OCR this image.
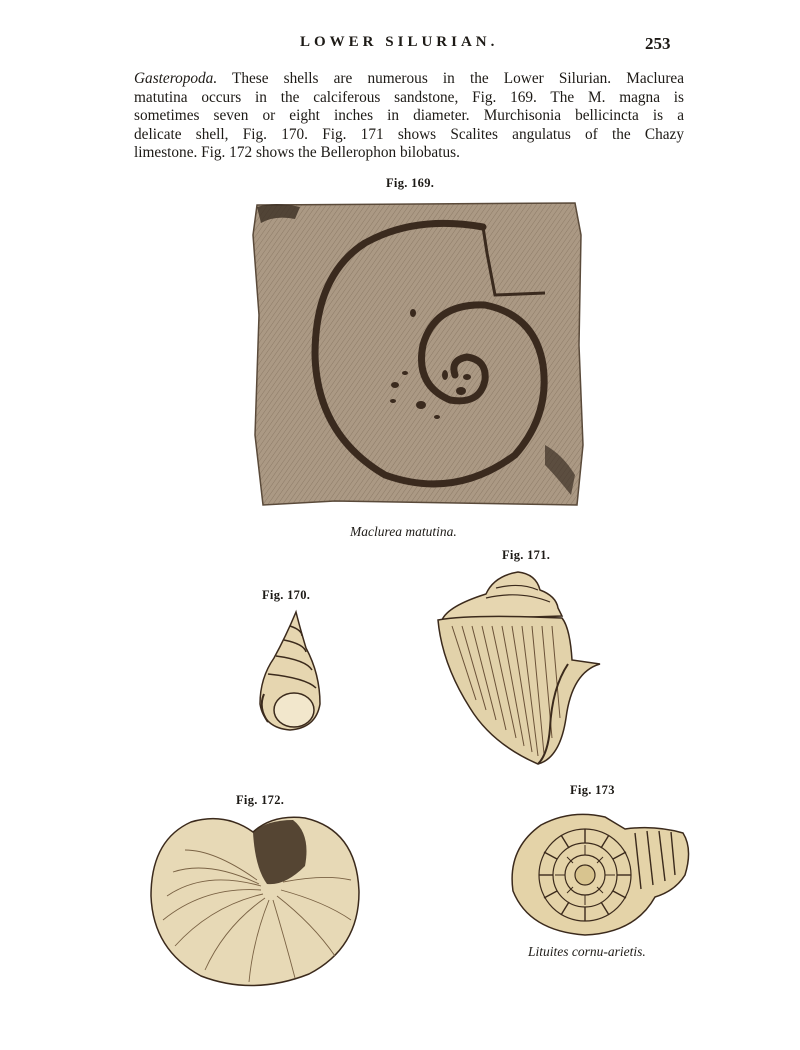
LOWER SILURIAN.	253
Gasteropoda. These shells are numerous in the Lower Silurian. Maclurea
matutina occurs in the calciferous sandstone, Fig. 169. The M. magna is
sometimes seven or eight inches in diameter. Murchisonia bellicincta is a
delicate shell, Fig. 170. Fig. 171 shows Scalites angulatus of the Chazy
limestone. Fig. 172 shows the Bellerophon bilobatus.
Fig. 169.
Maclurea matutina.
Fig. 170.
Fig. 171.
Fig. 172.
Fig. 173
Lituites cornu-arietis.
